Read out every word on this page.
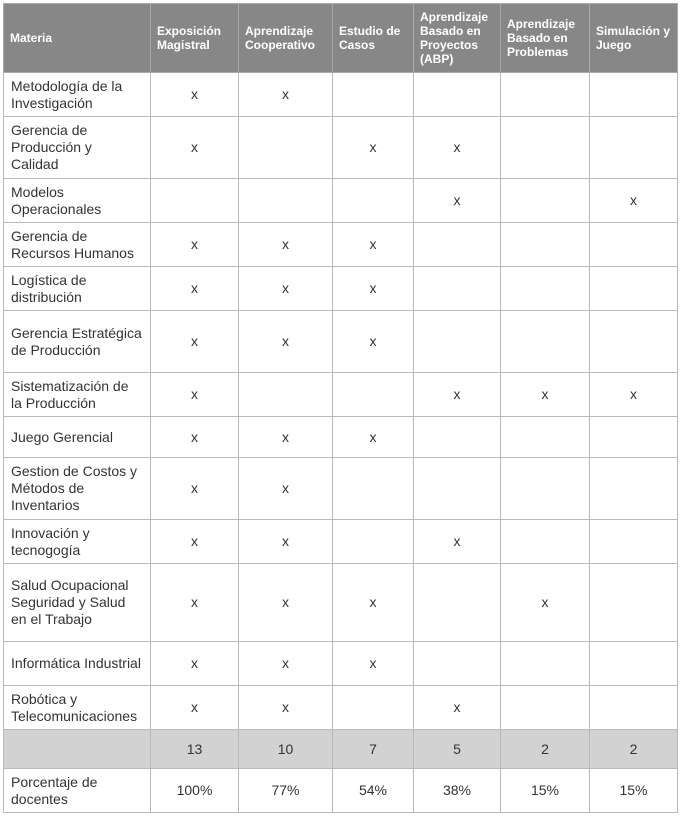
Materia	Exposición Magistral	Aprendizaje Cooperativo	Estudio de Casos	Aprendizaje Basado en Proyectos (ABP)	Aprendizaje Basado en Problemas	Simulación y Juego
Metodología de la Investigación	x	x				
Gerencia de Producción y Calidad	x		x	x		
Modelos Operacionales				x		x
Gerencia de Recursos Humanos	x	x	x			
Logística de distribución	x	x	x			
Gerencia Estratégica de Producción	x	x	x			
Sistematización de la Producción	x			x	x	x
Juego Gerencial	x	x	x			
Gestion de Costos y Métodos de Inventarios	x	x				
Innovación y tecnogogía	x	x		x		
Salud Ocupacional Seguridad y Salud en el Trabajo	x	x	x		x	
Informática Industrial	x	x	x			
Robótica y Telecomunicaciones	x	x		x		
	13	10	7	5	2	2
Porcentaje de docentes	100%	77%	54%	38%	15%	15%
